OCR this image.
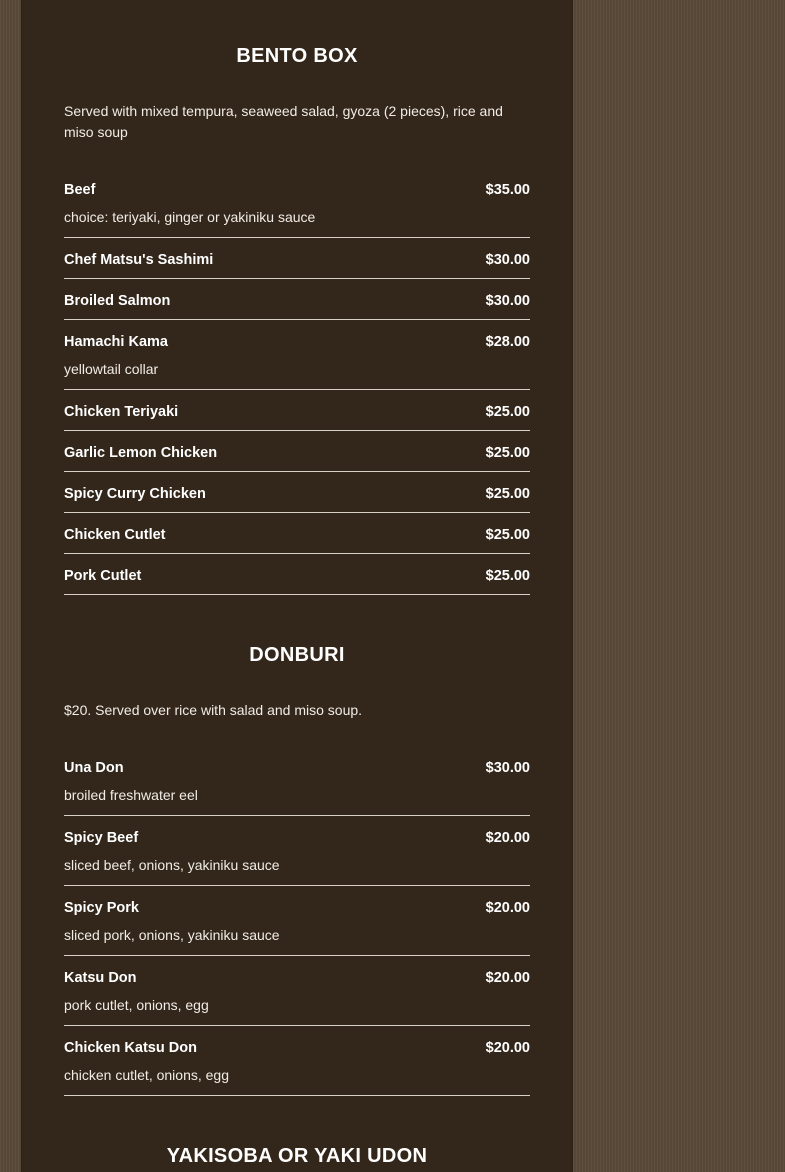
BENTO BOX
Served with mixed tempura, seaweed salad, gyoza (2 pieces), rice and miso soup
Beef	$35.00
choice: teriyaki, ginger or yakiniku sauce
Chef Matsu's Sashimi	$30.00
Broiled Salmon	$30.00
Hamachi Kama	$28.00
yellowtail collar
Chicken Teriyaki	$25.00
Garlic Lemon Chicken	$25.00
Spicy Curry Chicken	$25.00
Chicken Cutlet	$25.00
Pork Cutlet	$25.00
DONBURI
$20. Served over rice with salad and miso soup.
Una Don	$30.00
broiled freshwater eel
Spicy Beef	$20.00
sliced beef, onions, yakiniku sauce
Spicy Pork	$20.00
sliced pork, onions, yakiniku sauce
Katsu Don	$20.00
pork cutlet, onions, egg
Chicken Katsu Don	$20.00
chicken cutlet, onions, egg
YAKISOBA OR YAKI UDON
